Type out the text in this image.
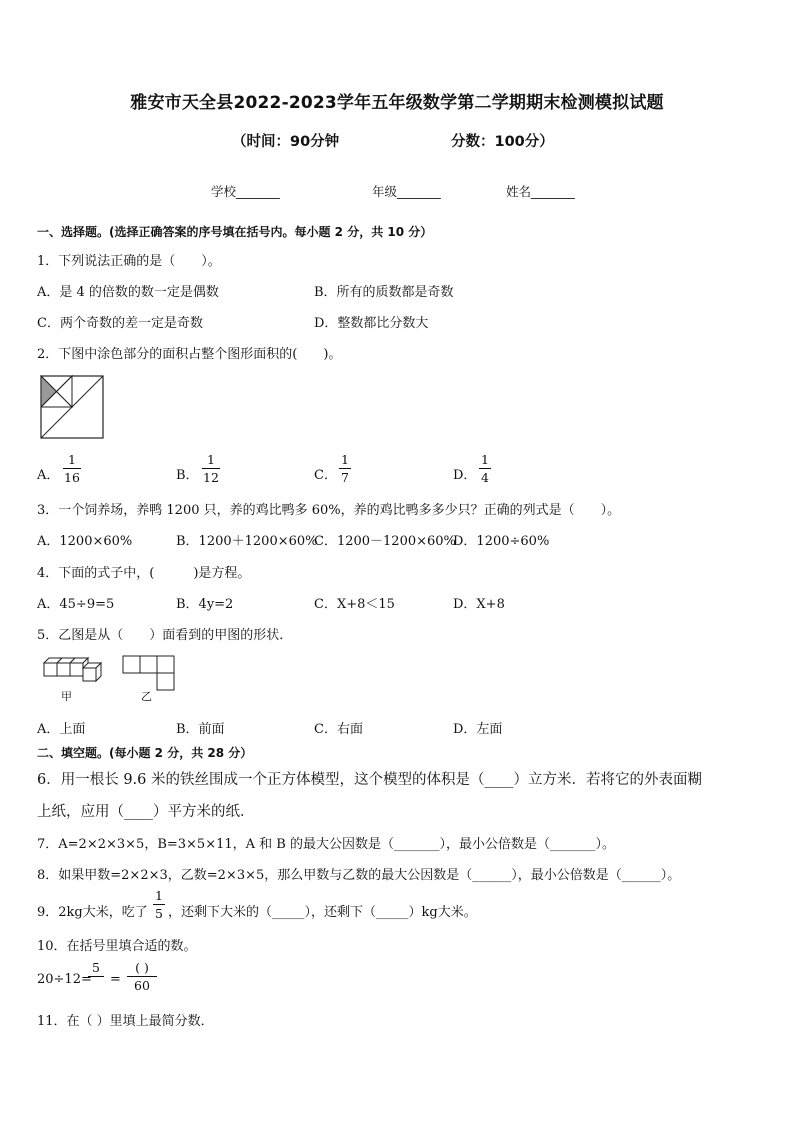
雅安市天全县2022-2023学年五年级数学第二学期期末检测模拟试题
（时间：90分钟	分数：100分）
学校_______	年级_______	姓名_______
一、选择题。(选择正确答案的序号填在括号内。每小题 2 分，共 10 分）
1．下列说法正确的是（　　）。
A．是 4 的倍数的数一定是偶数	B．所有的质数都是奇数
C．两个奇数的差一定是奇数	D．整数都比分数大
2．下图中涂色部分的面积占整个图形面积的(　　)。
A．
1
16	B．
1
12	C．
1
7	D．
1
4
3．一个饲养场，养鸭 1200 只，养的鸡比鸭多 60%，养的鸡比鸭多多少只？正确的列式是（　　）。
A．1200×60%	B．1200＋1200×60%
C．1200－1200×60%
D．1200÷60%
4．下面的式子中，(　　　)是方程。
A．45÷9=5	B．4y=2	C．X+8＜15	D．X+8
5．乙图是从（　　）面看到的甲图的形状．
甲	乙
A．上面	B．前面	C．右面	D．左面
二、填空题。(每小题 2 分，共 28 分）
6．用一根长 9.6 米的铁丝围成一个正方体模型，这个模型的体积是（____）立方米．若将它的外表面糊
上纸，应用（____）平方米的纸．
7．A=2×2×3×5，B=3×5×11，A 和 B 的最大公因数是（_______），最小公倍数是（_______）。
8．如果甲数=2×2×3，乙数=2×3×5，那么甲数与乙数的最大公因数是（______），最小公倍数是（______）。
9．2kg大米，吃了
1
5 ，还剩下大米的（_____），还剩下（_____）kg大米。
10．在括号里填合适的数。
20÷12=
5
=
( )
60
11．在（ ）里填上最简分数．
